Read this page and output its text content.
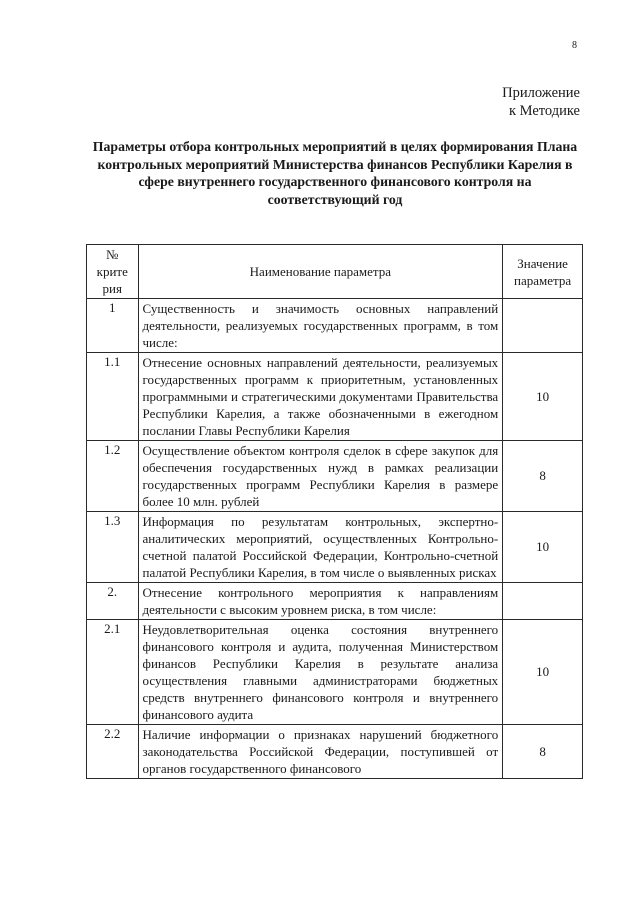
8
Приложение
к Методике
Параметры отбора контрольных мероприятий в целях формирования Плана контрольных мероприятий Министерства финансов Республики Карелия в сфере внутреннего государственного финансового контроля на соответствующий год
№ крите рия	Наименование параметра	Значение параметра
1	Существенность и значимость основных направлений деятельности, реализуемых государственных программ, в том числе:	
1.1	Отнесение основных направлений деятельности, реализуемых государственных программ к приоритетным, установленных программными и стратегическими документами Правительства Республики Карелия, а также обозначенными в ежегодном послании Главы Республики Карелия	10
1.2	Осуществление объектом контроля сделок в сфере закупок для обеспечения государственных нужд в рамках реализации государственных программ Республики Карелия в размере более 10 млн. рублей	8
1.3	Информация по результатам контрольных, экспертно-аналитических мероприятий, осуществленных Контрольно-счетной палатой Российской Федерации, Контрольно-счетной палатой Республики Карелия, в том числе о выявленных рисках	10
2.	Отнесение контрольного мероприятия к направлениям деятельности с высоким уровнем риска, в том числе:	
2.1	Неудовлетворительная оценка состояния внутреннего финансового контроля и аудита, полученная Министерством финансов Республики Карелия в результате анализа осуществления главными администраторами бюджетных средств внутреннего финансового контроля и внутреннего финансового аудита	10
2.2	Наличие информации о признаках нарушений бюджетного законодательства Российской Федерации, поступившей от органов государственного финансового	8
